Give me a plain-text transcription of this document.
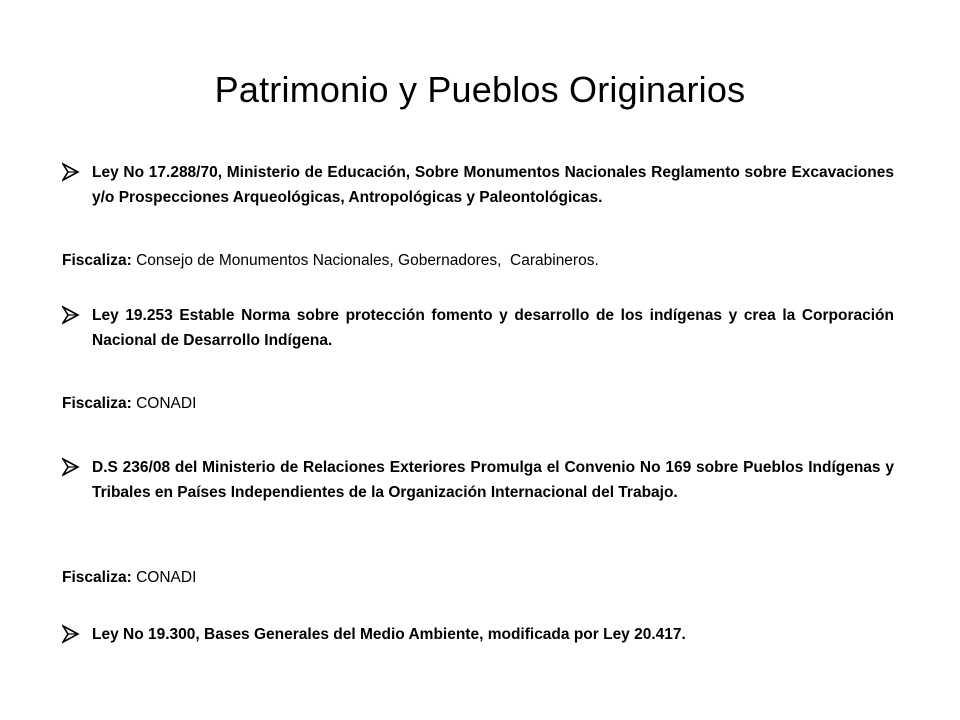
Patrimonio y Pueblos Originarios
Ley No 17.288/70, Ministerio de Educación, Sobre Monumentos Nacionales Reglamento sobre Excavaciones y/o Prospecciones Arqueológicas, Antropológicas y Paleontológicas.
Fiscaliza: Consejo de Monumentos Nacionales, Gobernadores,  Carabineros.
Ley 19.253 Estable Norma sobre protección fomento y desarrollo de los indígenas y crea la Corporación Nacional de Desarrollo Indígena.
Fiscaliza: CONADI
D.S 236/08 del Ministerio de Relaciones Exteriores Promulga el Convenio No 169 sobre Pueblos Indígenas y Tribales en Países Independientes de la Organización Internacional del Trabajo.
Fiscaliza: CONADI
Ley No 19.300, Bases Generales del Medio Ambiente, modificada por Ley 20.417.
